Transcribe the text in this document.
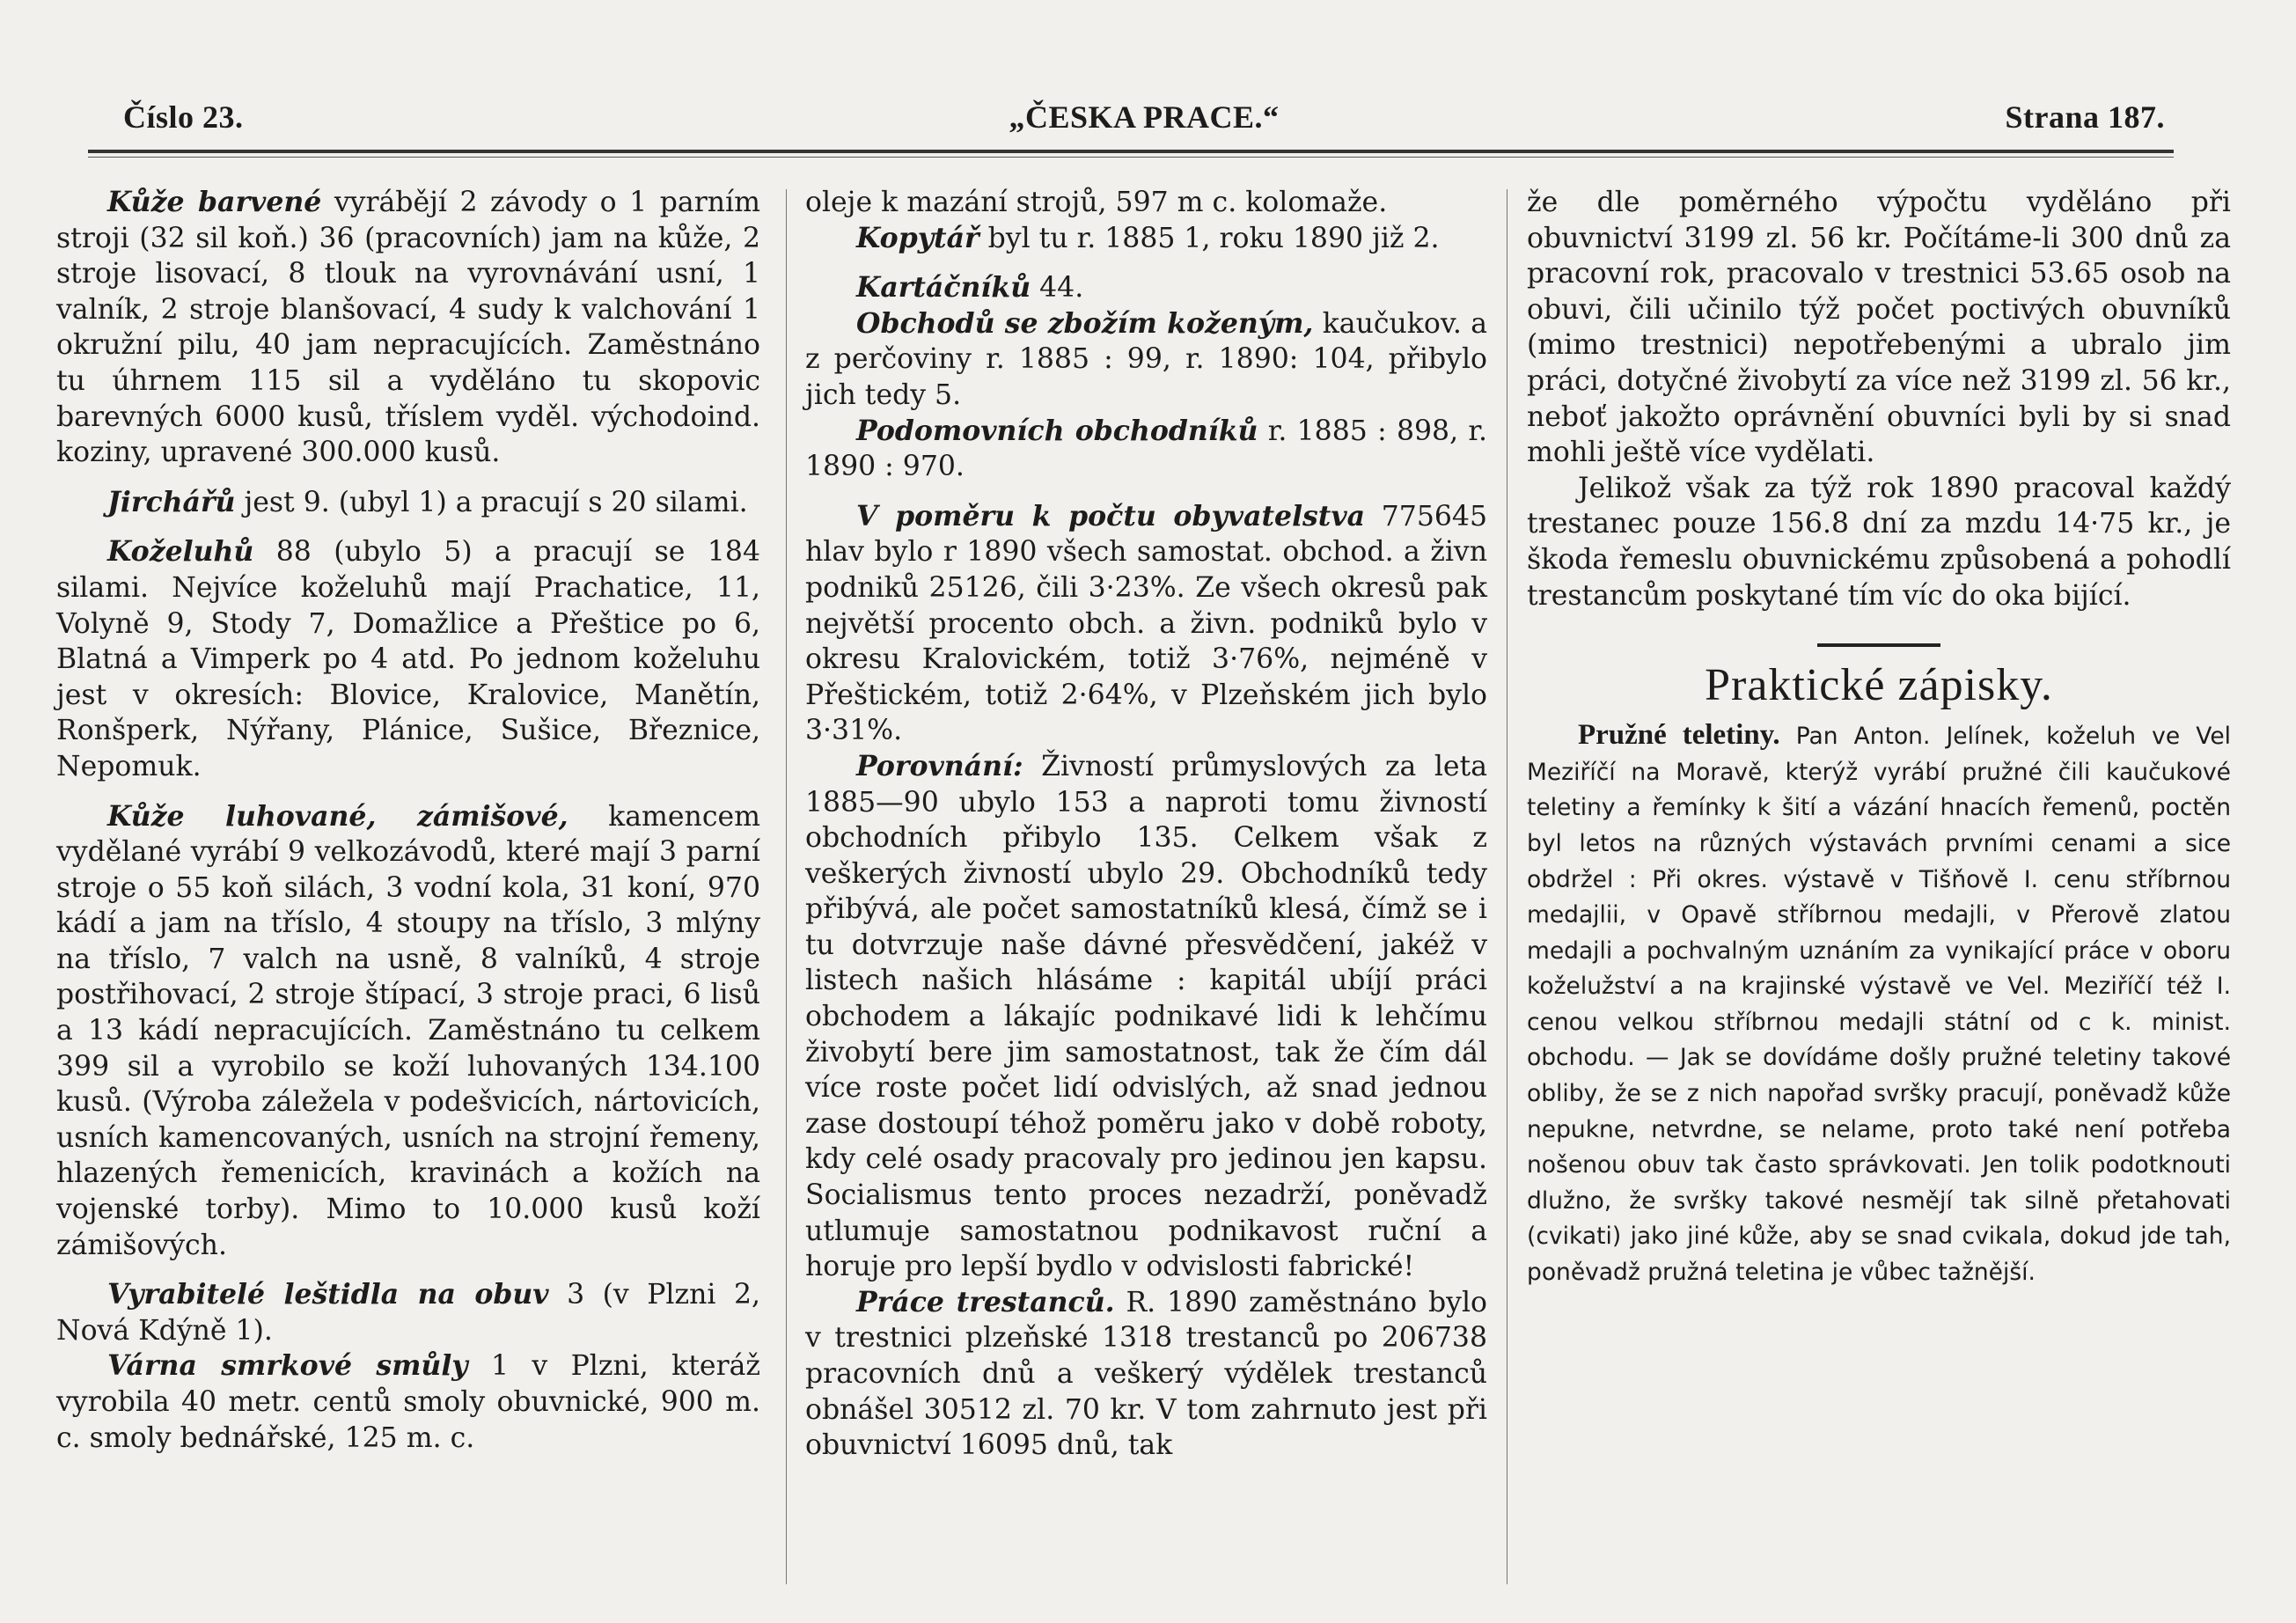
Číslo 23.	„ČESKA PRACE.“	Strana 187.

Kůže barvené vyrábějí 2 závody o 1 parním stroji (32 sil koň.) 36 (pracovních) jam na kůže, 2 stroje lisovací, 8 tlouk na vyrovnávání usní, 1 valník, 2 stroje blanšovací, 4 sudy k valchování 1 okružní pilu, 40 jam nepracujících. Zaměstnáno tu úhrnem 115 sil a vyděláno tu skopovic barevných 6000 kusů, tříslem vyděl. východoind. koziny, upravené 300.000 kusů.

Jirchářů jest 9. (ubyl 1) a pracují s 20 silami.

Koželuhů 88 (ubylo 5) a pracují se 184 silami. Nejvíce koželuhů mají Prachatice, 11, Volyně 9, Stody 7, Domažlice a Přeštice po 6, Blatná a Vimperk po 4 atd. Po jednom koželuhu jest v okresích: Blovice, Kralovice, Manětín, Ronšperk, Nýřany, Plánice, Sušice, Březnice, Nepomuk.

Kůže luhované, zámišové, kamencem vydělané vyrábí 9 velkozávodů, které mají 3 parní stroje o 55 koň silách, 3 vodní kola, 31 koní, 970 kádí a jam na tříslo, 4 stoupy na tříslo, 3 mlýny na tříslo, 7 valch na usně, 8 valníků, 4 stroje postřihovací, 2 stroje štípací, 3 stroje praci, 6 lisů a 13 kádí nepracujících. Zaměstnáno tu celkem 399 sil a vyrobilo se koží luhovaných 134.100 kusů. (Výroba záležela v podešvicích, nártovicích, usních kamencovaných, usních na strojní řemeny, hlazených řemenicích, kravinách a kožích na vojenské torby). Mimo to 10.000 kusů koží zámišových.

Vyrabitelé leštidla na obuv 3 (v Plzni 2, Nová Kdýně 1).

Várna smrkové smůly 1 v Plzni, kteráž vyrobila 40 metr. centů smoly obuvnické, 900 m. c. smoly bednářské, 125 m. c.

oleje k mazání strojů, 597 m c. kolomaže.

Kopytář byl tu r. 1885 1, roku 1890 již 2.

Kartáčníků 44.

Obchodů se zbožím koženým, kaučukov. a z perčoviny r. 1885 : 99, r. 1890: 104, přibylo jich tedy 5.

Podomovních obchodníků r. 1885 : 898, r. 1890 : 970.

V poměru k počtu obyvatelstva 775645 hlav bylo r 1890 všech samostat. obchod. a živn podniků 25126, čili 3·23%. Ze všech okresů pak největší procento obch. a živn. podniků bylo v okresu Kralovickém, totiž 3·76%, nejméně v Přeštickém, totiž 2·64%, v Plzeňském jich bylo 3·31%.

Porovnání: Živností průmyslových za leta 1885—90 ubylo 153 a naproti tomu živností obchodních přibylo 135. Celkem však z veškerých živností ubylo 29. Obchodníků tedy přibývá, ale počet samostatníků klesá, čímž se i tu dotvrzuje naše dávné přesvědčení, jakéž v listech našich hlásáme : kapitál ubíjí práci obchodem a lákajíc podnikavé lidi k lehčímu živobytí bere jim samostatnost, tak že čím dál více roste počet lidí odvislých, až snad jednou zase dostoupí téhož poměru jako v době roboty, kdy celé osady pracovaly pro jedinou jen kapsu. Socialismus tento proces nezadrží, poněvadž utlumuje samostatnou podnikavost ruční a horuje pro lepší bydlo v odvislosti fabrické!

Práce trestanců. R. 1890 zaměstnáno bylo v trestnici plzeňské 1318 trestanců po 206738 pracovních dnů a veškerý výdělek trestanců obnášel 30512 zl. 70 kr. V tom zahrnuto jest při obuvnictví 16095 dnů, tak

že dle poměrného výpočtu vyděláno při obuvnictví 3199 zl. 56 kr. Počítáme-li 300 dnů za pracovní rok, pracovalo v trestnici 53.65 osob na obuvi, čili učinilo týž počet poctivých obuvníků (mimo trestnici) nepotřebenými a ubralo jim práci, dotyčné živobytí za více než 3199 zl. 56 kr., neboť jakožto oprávnění obuvníci byli by si snad mohli ještě více vydělati.

Jelikož však za týž rok 1890 pracoval každý trestanec pouze 156.8 dní za mzdu 14·75 kr., je škoda řemeslu obuvnickému způsobená a pohodlí trestancům poskytané tím víc do oka bijící.

Praktické zápisky.

Pružné teletiny. Pan Anton. Jelínek, koželuh ve Vel Meziříčí na Moravě, kterýž vyrábí pružné čili kaučukové teletiny a řemínky k šití a vázání hnacích řemenů, poctěn byl letos na různých výstavách prvními cenami a sice obdržel : Při okres. výstavě v Tišňově I. cenu stříbrnou medajlii, v Opavě stříbrnou medajli, v Přerově zlatou medajli a pochvalným uznáním za vynikající práce v oboru koželužství a na krajinské výstavě ve Vel. Meziříčí též I. cenou velkou stříbrnou medajli státní od c k. minist. obchodu. — Jak se dovídáme došly pružné teletiny takové obliby, že se z nich napořad svršky pracují, poněvadž kůže nepukne, netvrdne, se nelame, proto také není potřeba nošenou obuv tak často správkovati. Jen tolik podotknouti dlužno, že svršky takové nesmějí tak silně přetahovati (cvikati) jako jiné kůže, aby se snad cvikala, dokud jde tah, poněvadž pružná teletina je vůbec tažnější.
